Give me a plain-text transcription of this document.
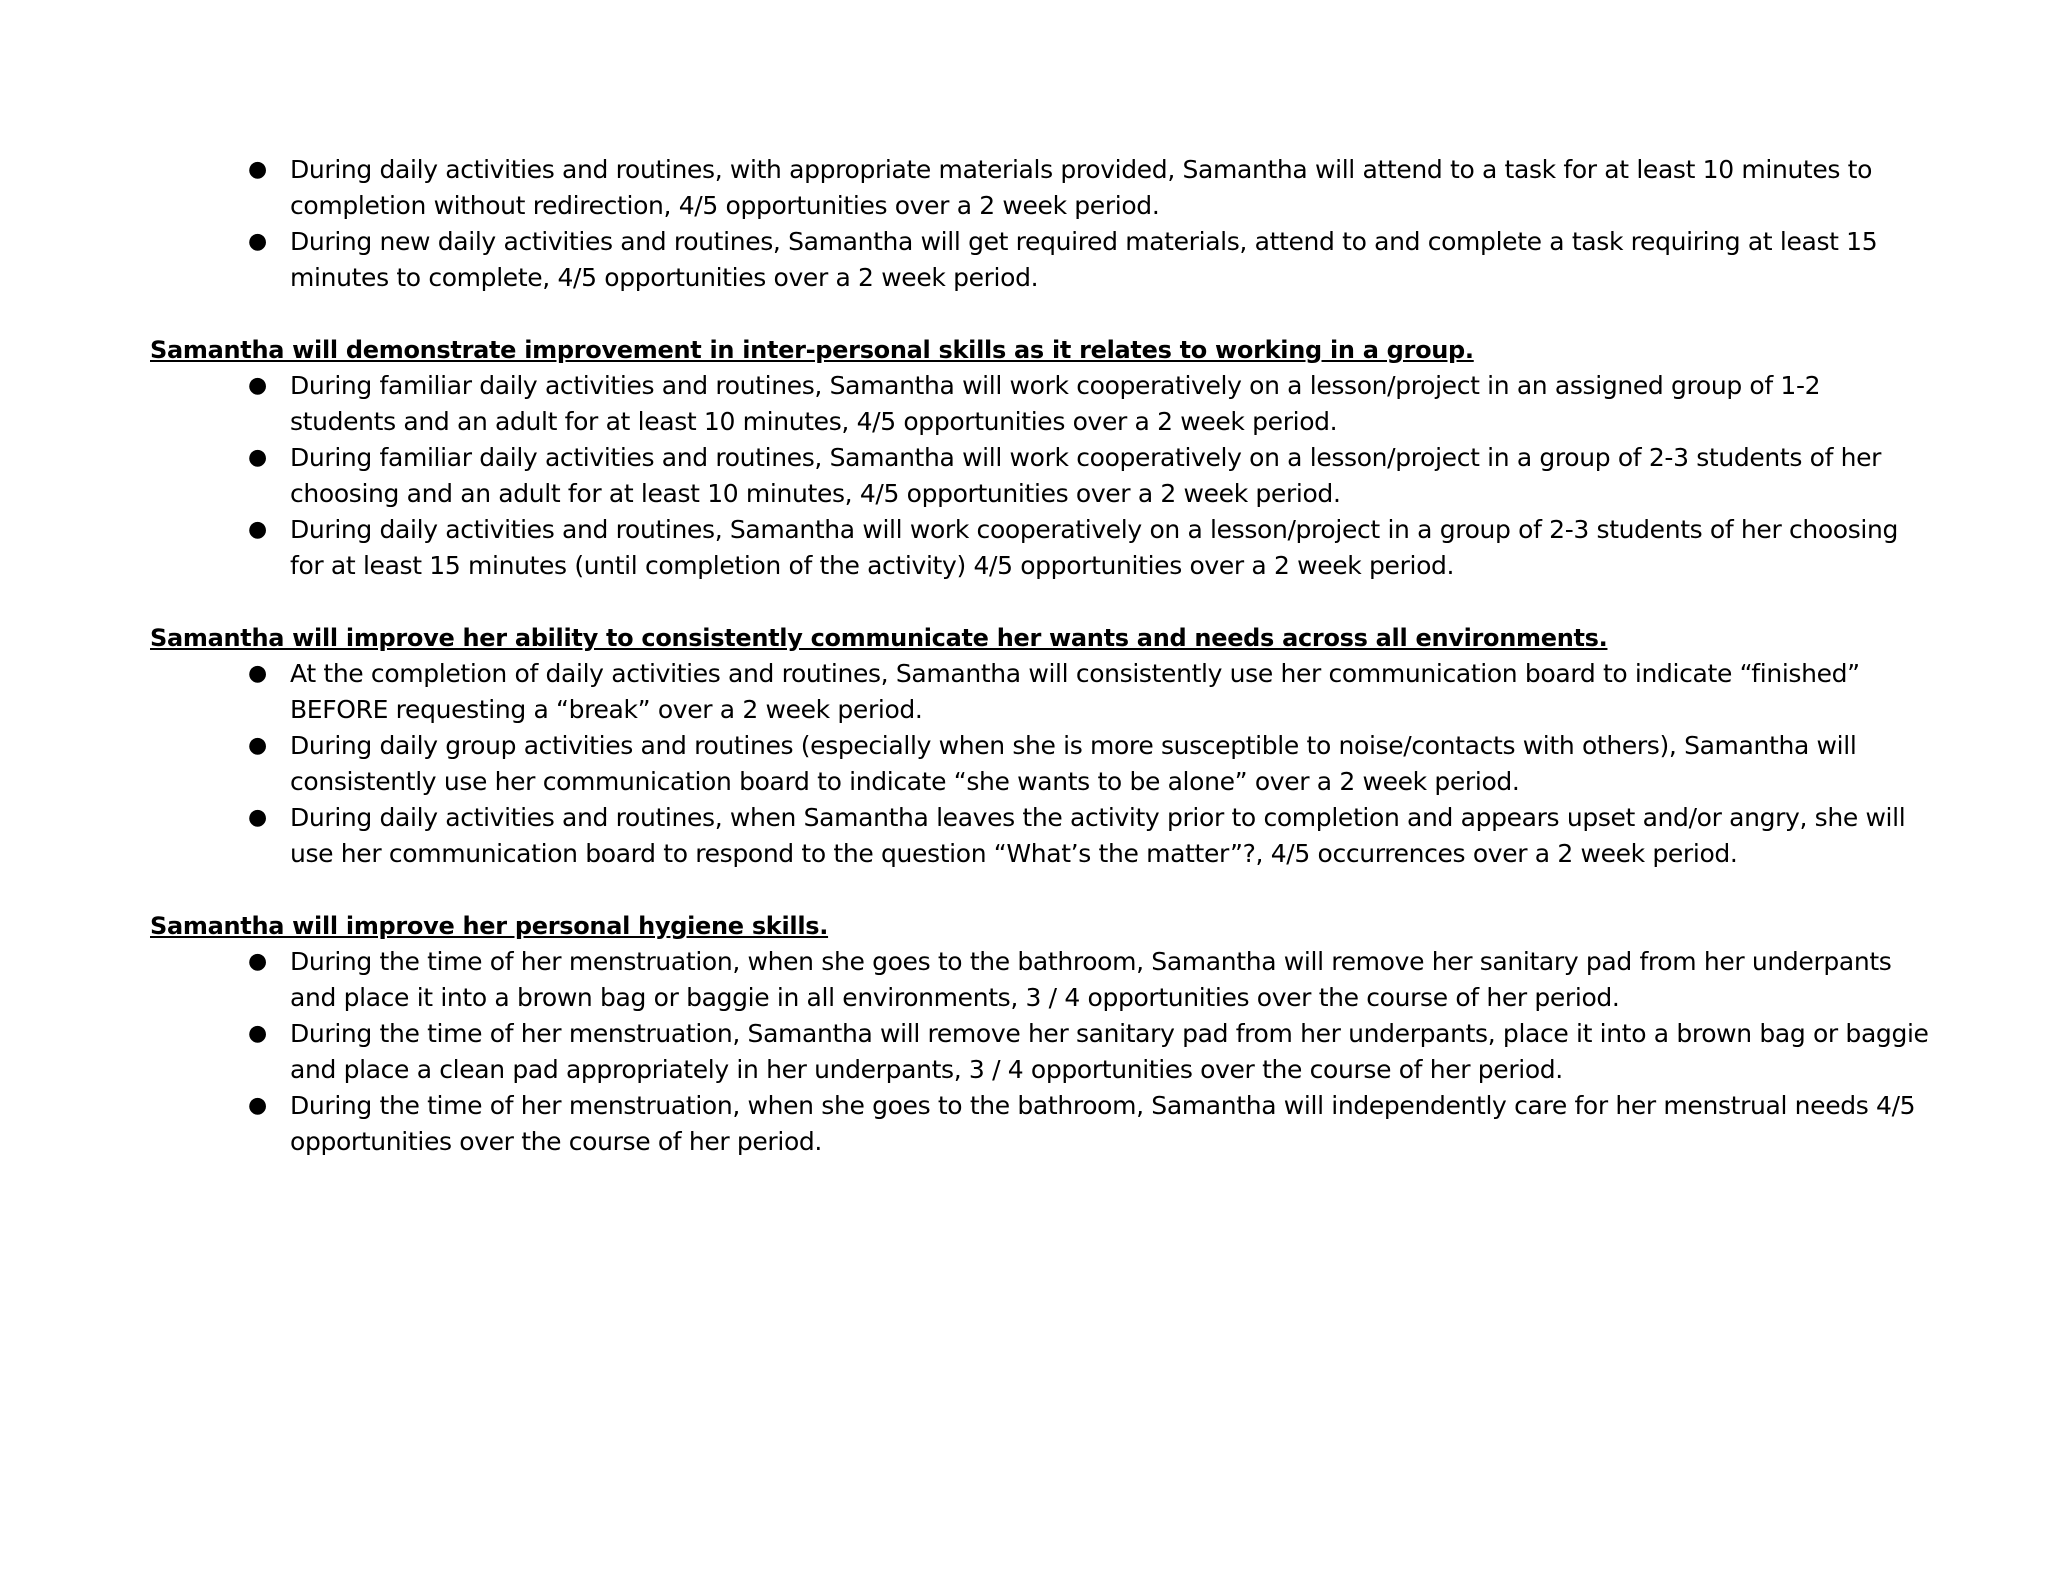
● During daily activities and routines, with appropriate materials provided, Samantha will attend to a task for at least 10 minutes to completion without redirection, 4/5 opportunities over a 2 week period.
● During new daily activities and routines, Samantha will get required materials, attend to and complete a task requiring at least 15 minutes to complete, 4/5 opportunities over a 2 week period.
Samantha will demonstrate improvement in inter-personal skills as it relates to working in a group.
● During familiar daily activities and routines, Samantha will work cooperatively on a lesson/project in an assigned group of 1-2 students and an adult for at least 10 minutes, 4/5 opportunities over a 2 week period.
● During familiar daily activities and routines, Samantha will work cooperatively on a lesson/project in a group of 2-3 students of her choosing and an adult for at least 10 minutes, 4/5 opportunities over a 2 week period.
● During daily activities and routines, Samantha will work cooperatively on a lesson/project in a group of 2-3 students of her choosing for at least 15 minutes (until completion of the activity) 4/5 opportunities over a 2 week period.
Samantha will improve her ability to consistently communicate her wants and needs across all environments.
● At the completion of daily activities and routines, Samantha will consistently use her communication board to indicate “finished” BEFORE requesting a “break” over a 2 week period.
● During daily group activities and routines (especially when she is more susceptible to noise/contacts with others), Samantha will consistently use her communication board to indicate “she wants to be alone” over a 2 week period.
● During daily activities and routines, when Samantha leaves the activity prior to completion and appears upset and/or angry, she will use her communication board to respond to the question “What’s the matter”?, 4/5 occurrences over a 2 week period.
Samantha will improve her personal hygiene skills.
● During the time of her menstruation, when she goes to the bathroom, Samantha will remove her sanitary pad from her underpants and place it into a brown bag or baggie in all environments, 3 / 4 opportunities over the course of her period.
● During the time of her menstruation, Samantha will remove her sanitary pad from her underpants, place it into a brown bag or baggie and place a clean pad appropriately in her underpants, 3 / 4 opportunities over the course of her period.
● During the time of her menstruation, when she goes to the bathroom, Samantha will independently care for her menstrual needs 4/5 opportunities over the course of her period.
